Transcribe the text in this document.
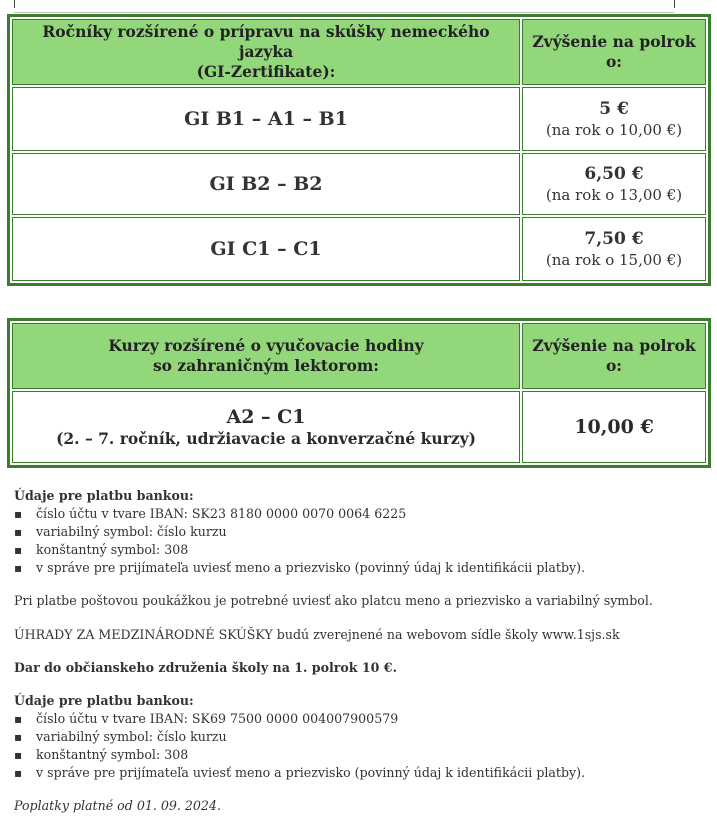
Ročníky rozšírené o prípravu na skúšky nemeckého jazyka
(GI-Zertifikate):	Zvýšenie na polrok o:
GI B1 – A1 – B1	5 €
(na rok o 10,00 €)

GI B2 – B2	6,50 €
(na rok o 13,00 €)

GI C1 – C1	7,50 €
(na rok o 15,00 €)
Kurzy rozšírené o vyučovacie hodiny
so zahraničným lektorom:	Zvýšenie na polrok o:

A2 – C1
(2. – 7. ročník, udržiavacie a konverzačné kurzy)	10,00 €

Údaje pre platbu bankou:

▪ číslo účtu v tvare IBAN: SK23 8180 0000 0070 0064 6225
▪ variabilný symbol: číslo kurzu
▪ konštantný symbol: 308
▪ v správe pre prijímateľa uviesť meno a priezvisko (povinný údaj k identifikácii platby).

Pri platbe poštovou poukážkou je potrebné uviesť ako platcu meno a priezvisko a variabilný symbol.

ÚHRADY ZA MEDZINÁRODNÉ SKÚŠKY budú zverejnené na webovom sídle školy www.1sjs.sk

Dar do občianskeho združenia školy na 1. polrok 10 €.

Údaje pre platbu bankou:

▪ číslo účtu v tvare IBAN: SK69 7500 0000 004007900579
▪ variabilný symbol: číslo kurzu
▪ konštantný symbol: 308
▪ v správe pre prijímateľa uviesť meno a priezvisko (povinný údaj k identifikácii platby).

Poplatky platné od 01. 09. 2024.
